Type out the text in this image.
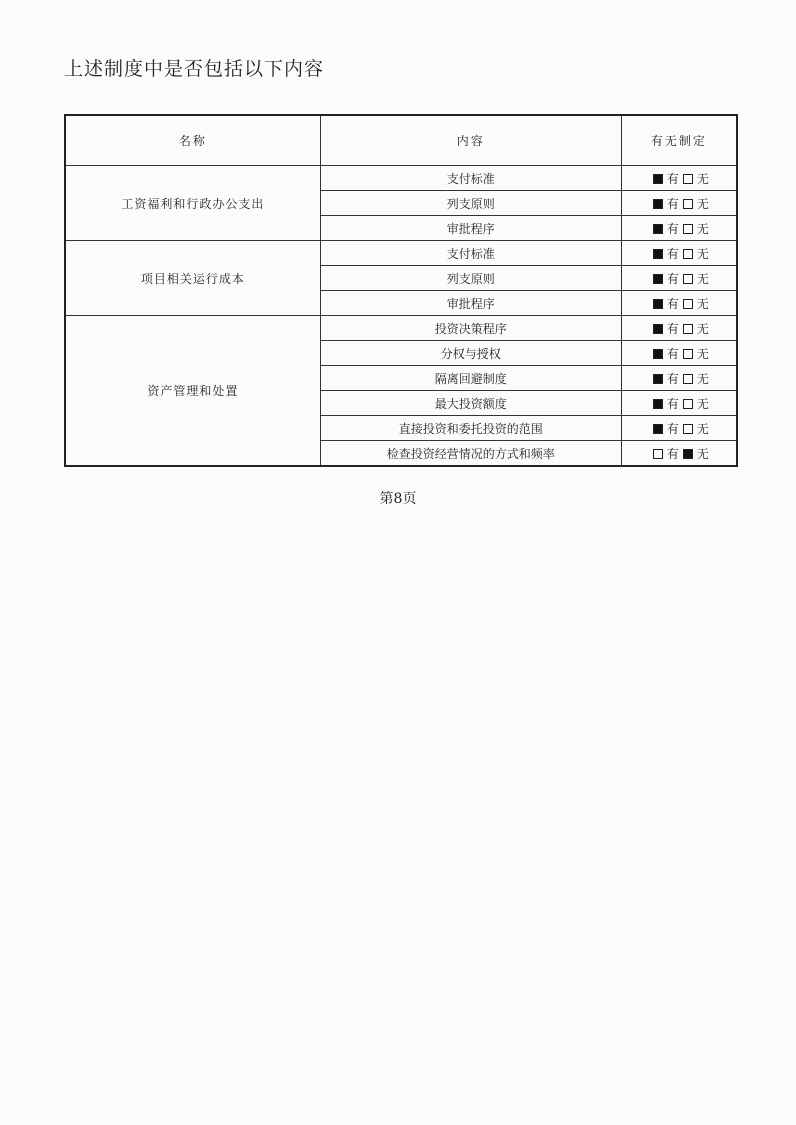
上述制度中是否包括以下内容
名称	内容	有无制定
工资福利和行政办公支出	支付标准	有 无
	列支原则	有 无
	审批程序	有 无
项目相关运行成本	支付标准	有 无
	列支原则	有 无
	审批程序	有 无
资产管理和处置	投资决策程序	有 无
	分权与授权	有 无
	隔离回避制度	有 无
	最大投资额度	有 无
	直接投资和委托投资的范围	有 无
	检查投资经营情况的方式和频率	有 无
第8页
